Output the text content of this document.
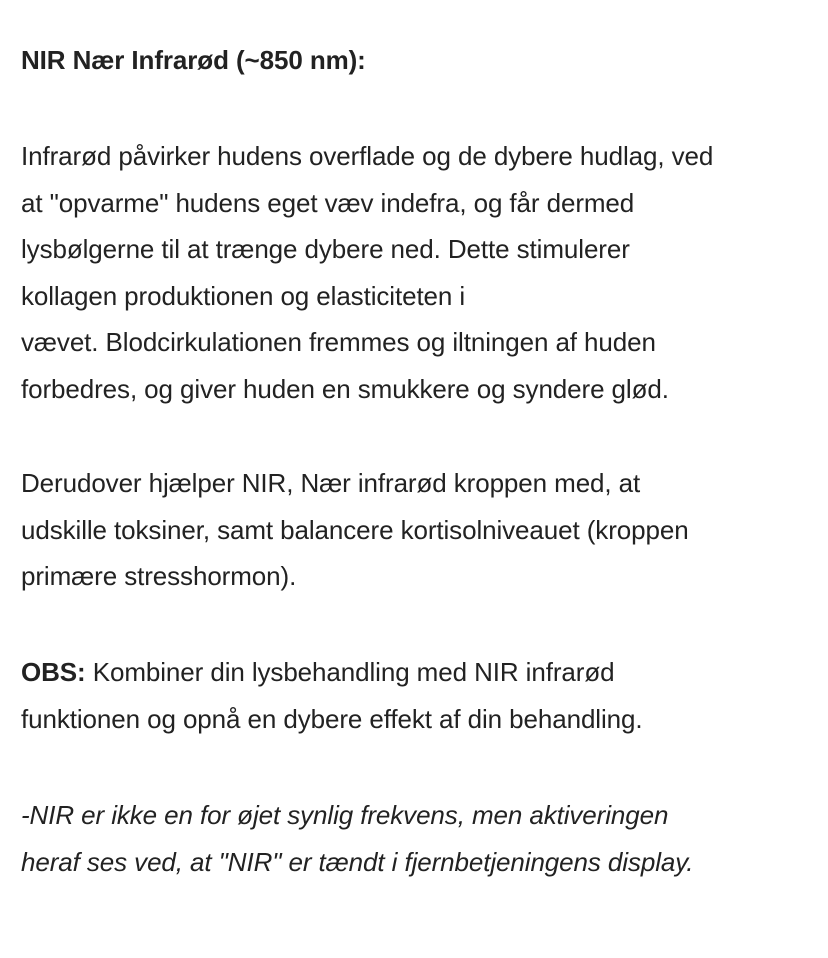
NIR Nær Infrarød (~850 nm):
Infrarød påvirker hudens overflade og de dybere hudlag, ved
at "opvarme" hudens eget væv indefra, og får dermed
lysbølgerne til at trænge dybere ned. Dette stimulerer
kollagen produktionen og elasticiteten i
vævet. Blodcirkulationen fremmes og iltningen af huden
forbedres, og giver huden en smukkere og syndere glød.
Derudover hjælper NIR, Nær infrarød kroppen med, at
udskille toksiner, samt balancere kortisolniveauet (kroppen
primære stresshormon).
OBS: Kombiner din lysbehandling med NIR infrarød
funktionen og opnå en dybere effekt af din behandling.
-NIR er ikke en for øjet synlig frekvens, men aktiveringen
heraf ses ved, at "NIR" er tændt i fjernbetjeningens display.
